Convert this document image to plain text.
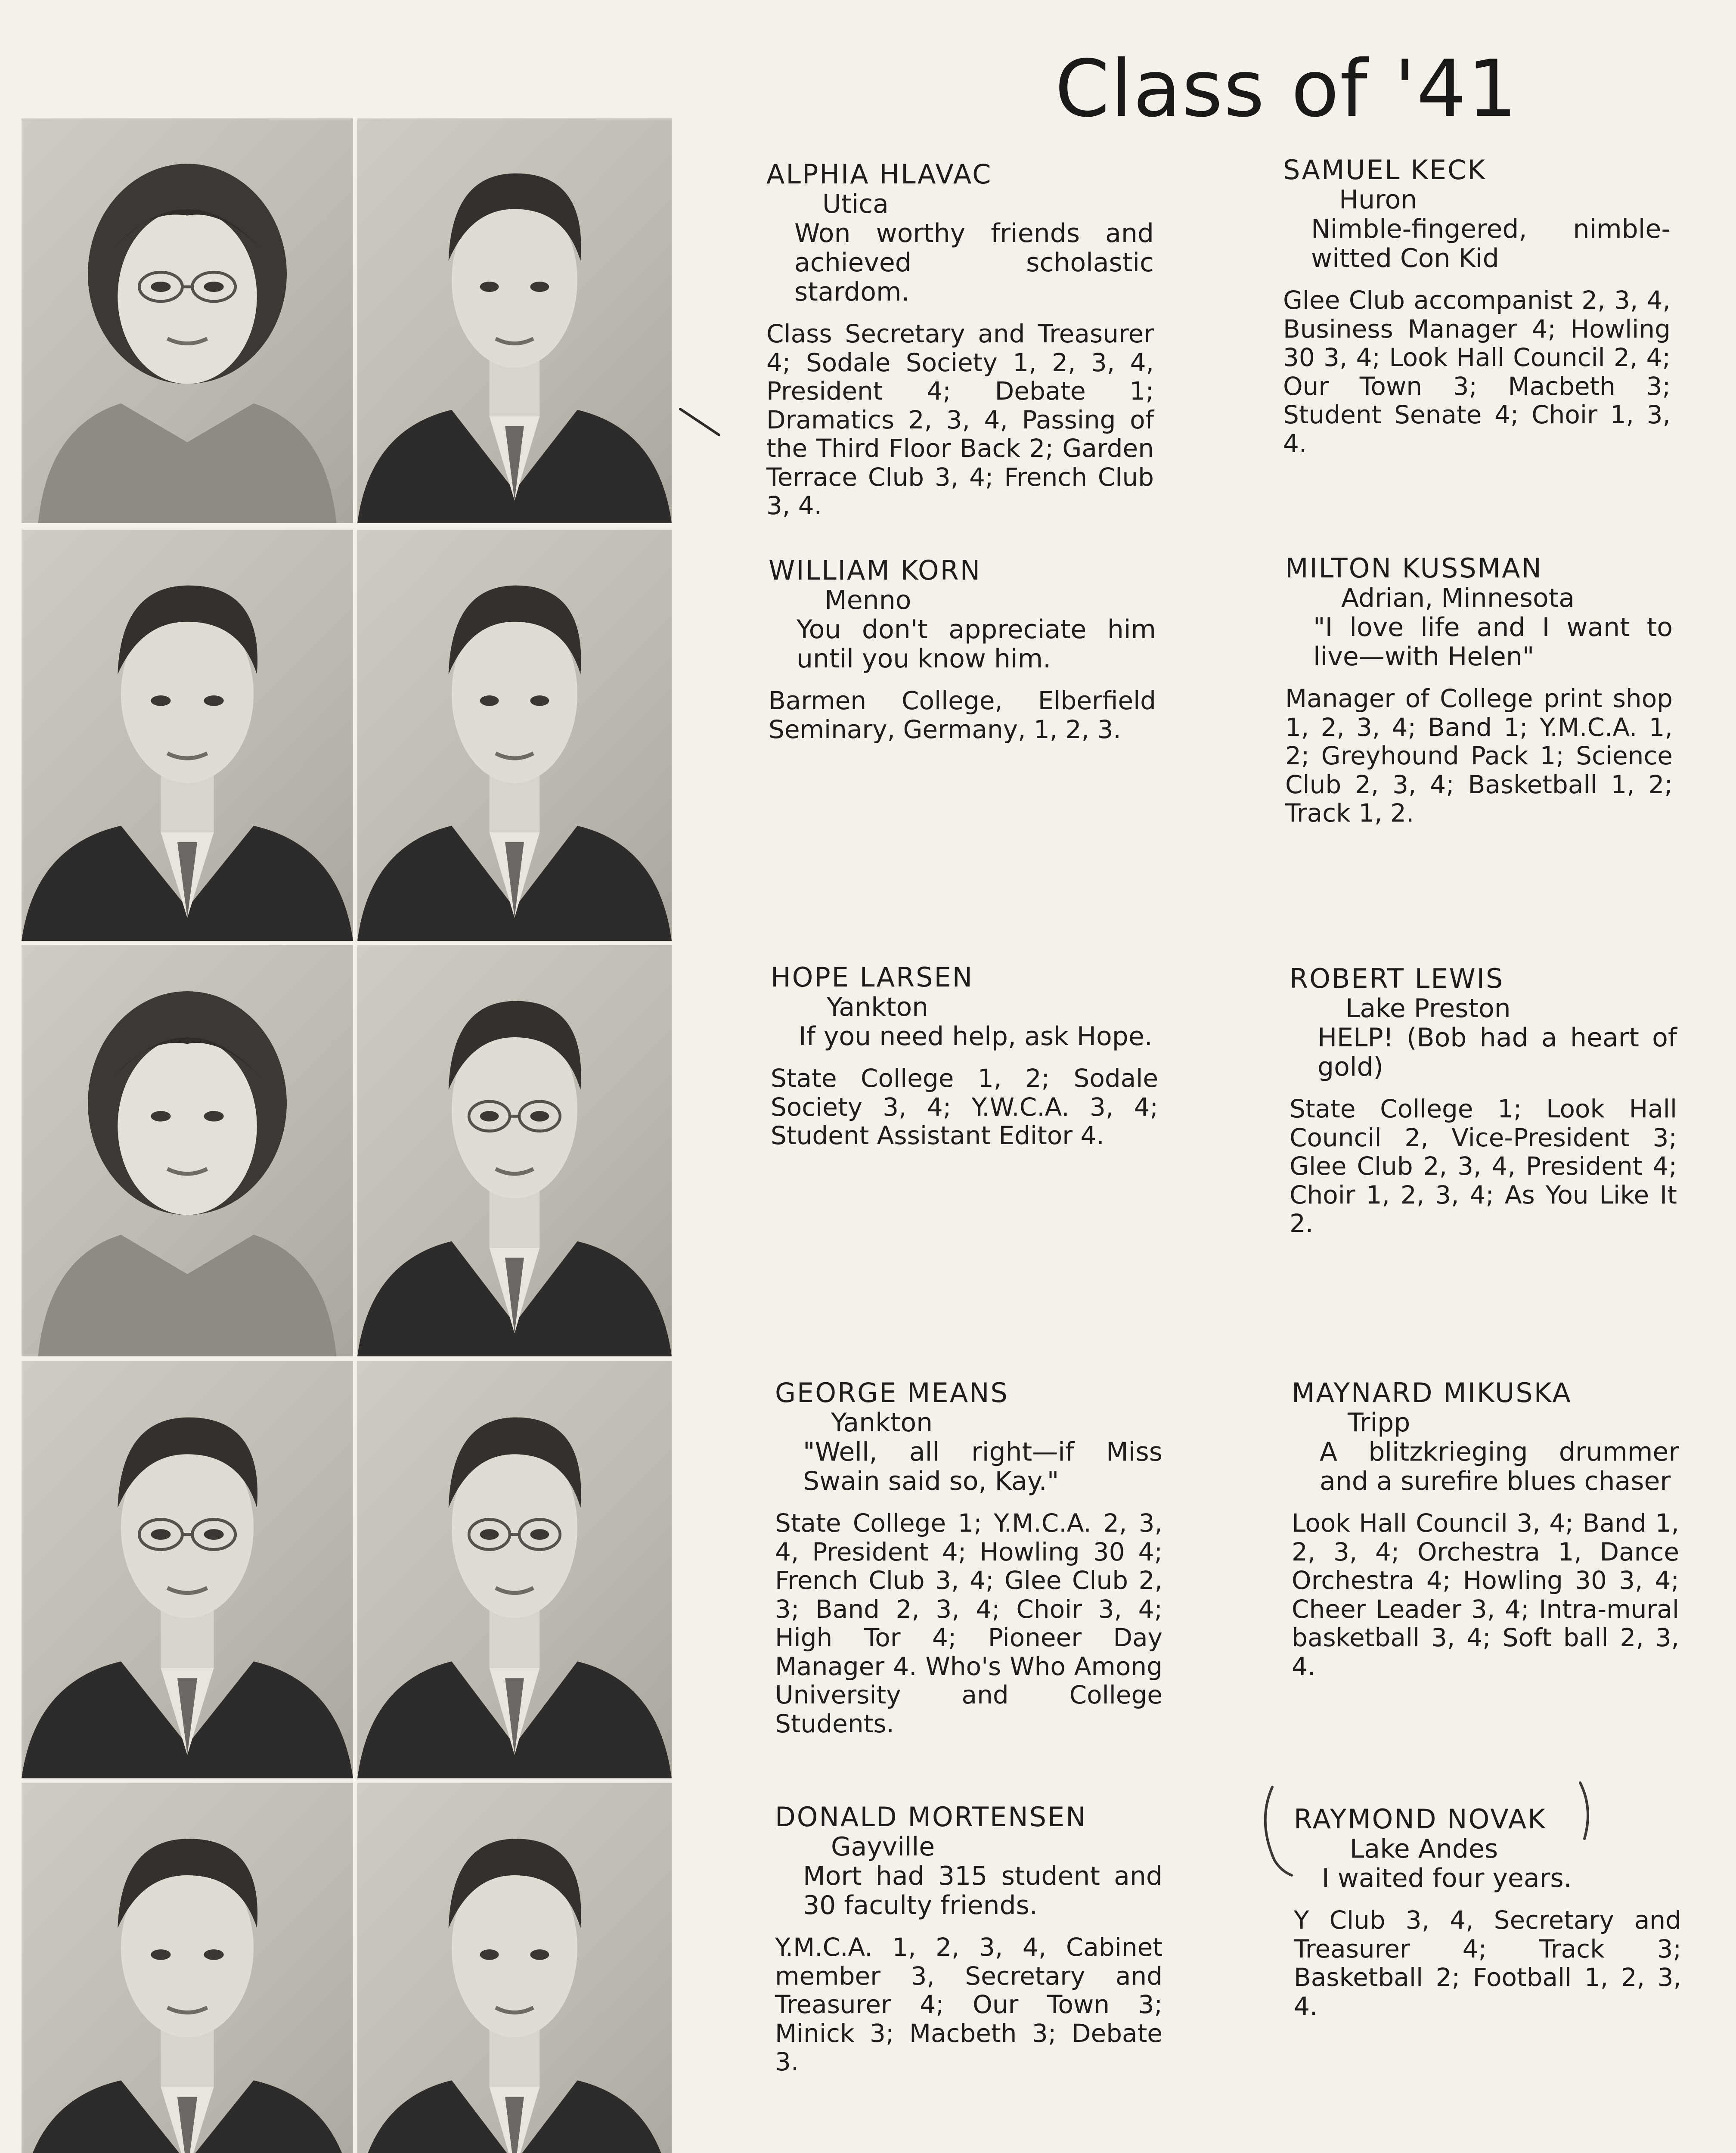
Class of '41
ALPHIA HLAVAC
Utica
Won worthy friends and achieved scholastic stardom.
Class Secretary and Treasurer 4; Sodale Society 1, 2, 3, 4, President 4; Debate 1; Dramatics 2, 3, 4, Passing of the Third Floor Back 2; Garden Terrace Club 3, 4; French Club 3, 4.
SAMUEL KECK
Huron
Nimble-fingered, nimble-witted Con Kid
Glee Club accompanist 2, 3, 4, Business Manager 4; Howling 30 3, 4; Look Hall Council 2, 4; Our Town 3; Macbeth 3; Student Senate 4; Choir 1, 3, 4.
WILLIAM KORN
Menno
You don't appreciate him until you know him.
Barmen College, Elberfield Seminary, Germany, 1, 2, 3.
MILTON KUSSMAN
Adrian, Minnesota
"I love life and I want to live—with Helen"
Manager of College print shop 1, 2, 3, 4; Band 1; Y.M.C.A. 1, 2; Greyhound Pack 1; Science Club 2, 3, 4; Basketball 1, 2; Track 1, 2.
HOPE LARSEN
Yankton
If you need help, ask Hope.
State College 1, 2; Sodale Society 3, 4; Y.W.C.A. 3, 4; Student Assistant Editor 4.
ROBERT LEWIS
Lake Preston
HELP! (Bob had a heart of gold)
State College 1; Look Hall Council 2, Vice-President 3; Glee Club 2, 3, 4, President 4; Choir 1, 2, 3, 4; As You Like It 2.
GEORGE MEANS
Yankton
"Well, all right—if Miss Swain said so, Kay."
State College 1; Y.M.C.A. 2, 3, 4, President 4; Howling 30 4; French Club 3, 4; Glee Club 2, 3; Band 2, 3, 4; Choir 3, 4; High Tor 4; Pioneer Day Manager 4. Who's Who Among University and College Students.
MAYNARD MIKUSKA
Tripp
A blitzkrieging drummer and a surefire blues chaser
Look Hall Council 3, 4; Band 1, 2, 3, 4; Orchestra 1, Dance Orchestra 4; Howling 30 3, 4; Cheer Leader 3, 4; Intra-mural basketball 3, 4; Soft ball 2, 3, 4.
DONALD MORTENSEN
Gayville
Mort had 315 student and 30 faculty friends.
Y.M.C.A. 1, 2, 3, 4, Cabinet member 3, Secretary and Treasurer 4; Our Town 3; Minick 3; Macbeth 3; Debate 3.
RAYMOND NOVAK
Lake Andes
I waited four years.
Y Club 3, 4, Secretary and Treasurer 4; Track 3; Basketball 2; Football 1, 2, 3, 4.
